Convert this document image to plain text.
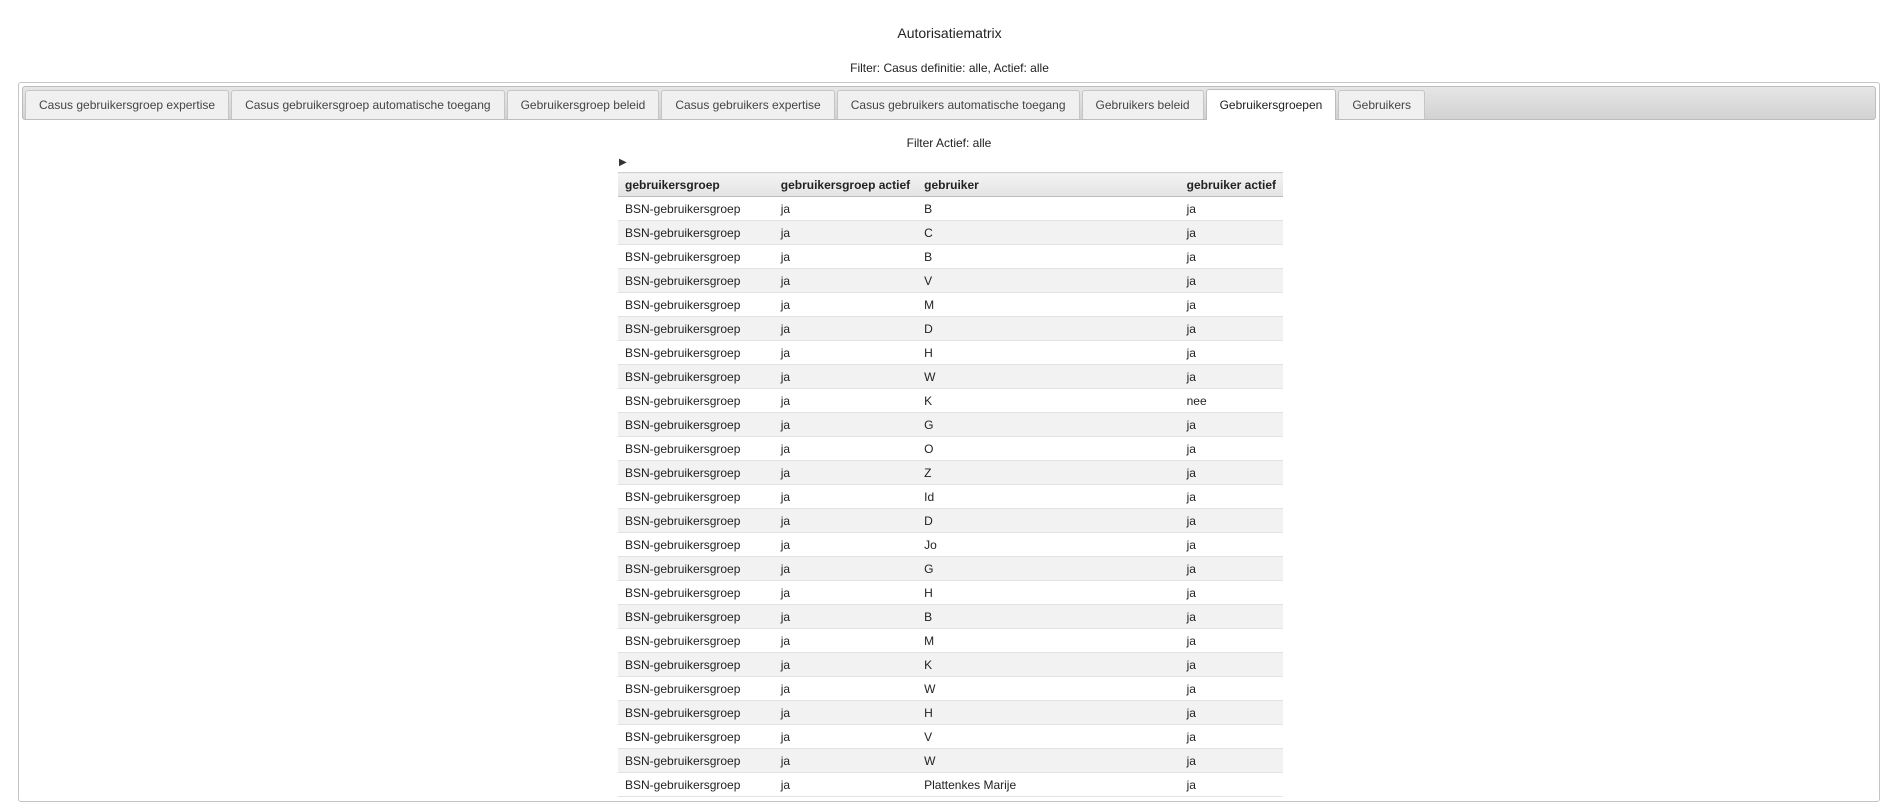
Autorisatiematrix
Filter: Casus definitie: alle, Actief: alle
Casus gebruikersgroep expertise	Casus gebruikersgroep automatische toegang	Gebruikersgroep beleid	Casus gebruikers expertise	Casus gebruikers automatische toegang	Gebruikers beleid	Gebruikersgroepen	Gebruikers
Filter Actief: alle
▶
gebruikersgroep	gebruikersgroep actief	gebruiker	gebruiker actief
BSN-gebruikersgroep	ja	B	ja
BSN-gebruikersgroep	ja	C	ja
BSN-gebruikersgroep	ja	B	ja
BSN-gebruikersgroep	ja	V	ja
BSN-gebruikersgroep	ja	M	ja
BSN-gebruikersgroep	ja	D	ja
BSN-gebruikersgroep	ja	H	ja
BSN-gebruikersgroep	ja	W	ja
BSN-gebruikersgroep	ja	K	nee
BSN-gebruikersgroep	ja	G	ja
BSN-gebruikersgroep	ja	O	ja
BSN-gebruikersgroep	ja	Z	ja
BSN-gebruikersgroep	ja	Id	ja
BSN-gebruikersgroep	ja	D	ja
BSN-gebruikersgroep	ja	Jo	ja
BSN-gebruikersgroep	ja	G	ja
BSN-gebruikersgroep	ja	H	ja
BSN-gebruikersgroep	ja	B	ja
BSN-gebruikersgroep	ja	M	ja
BSN-gebruikersgroep	ja	K	ja
BSN-gebruikersgroep	ja	W	ja
BSN-gebruikersgroep	ja	H	ja
BSN-gebruikersgroep	ja	V	ja
BSN-gebruikersgroep	ja	W	ja
BSN-gebruikersgroep	ja	Plattenkes Marije	ja
